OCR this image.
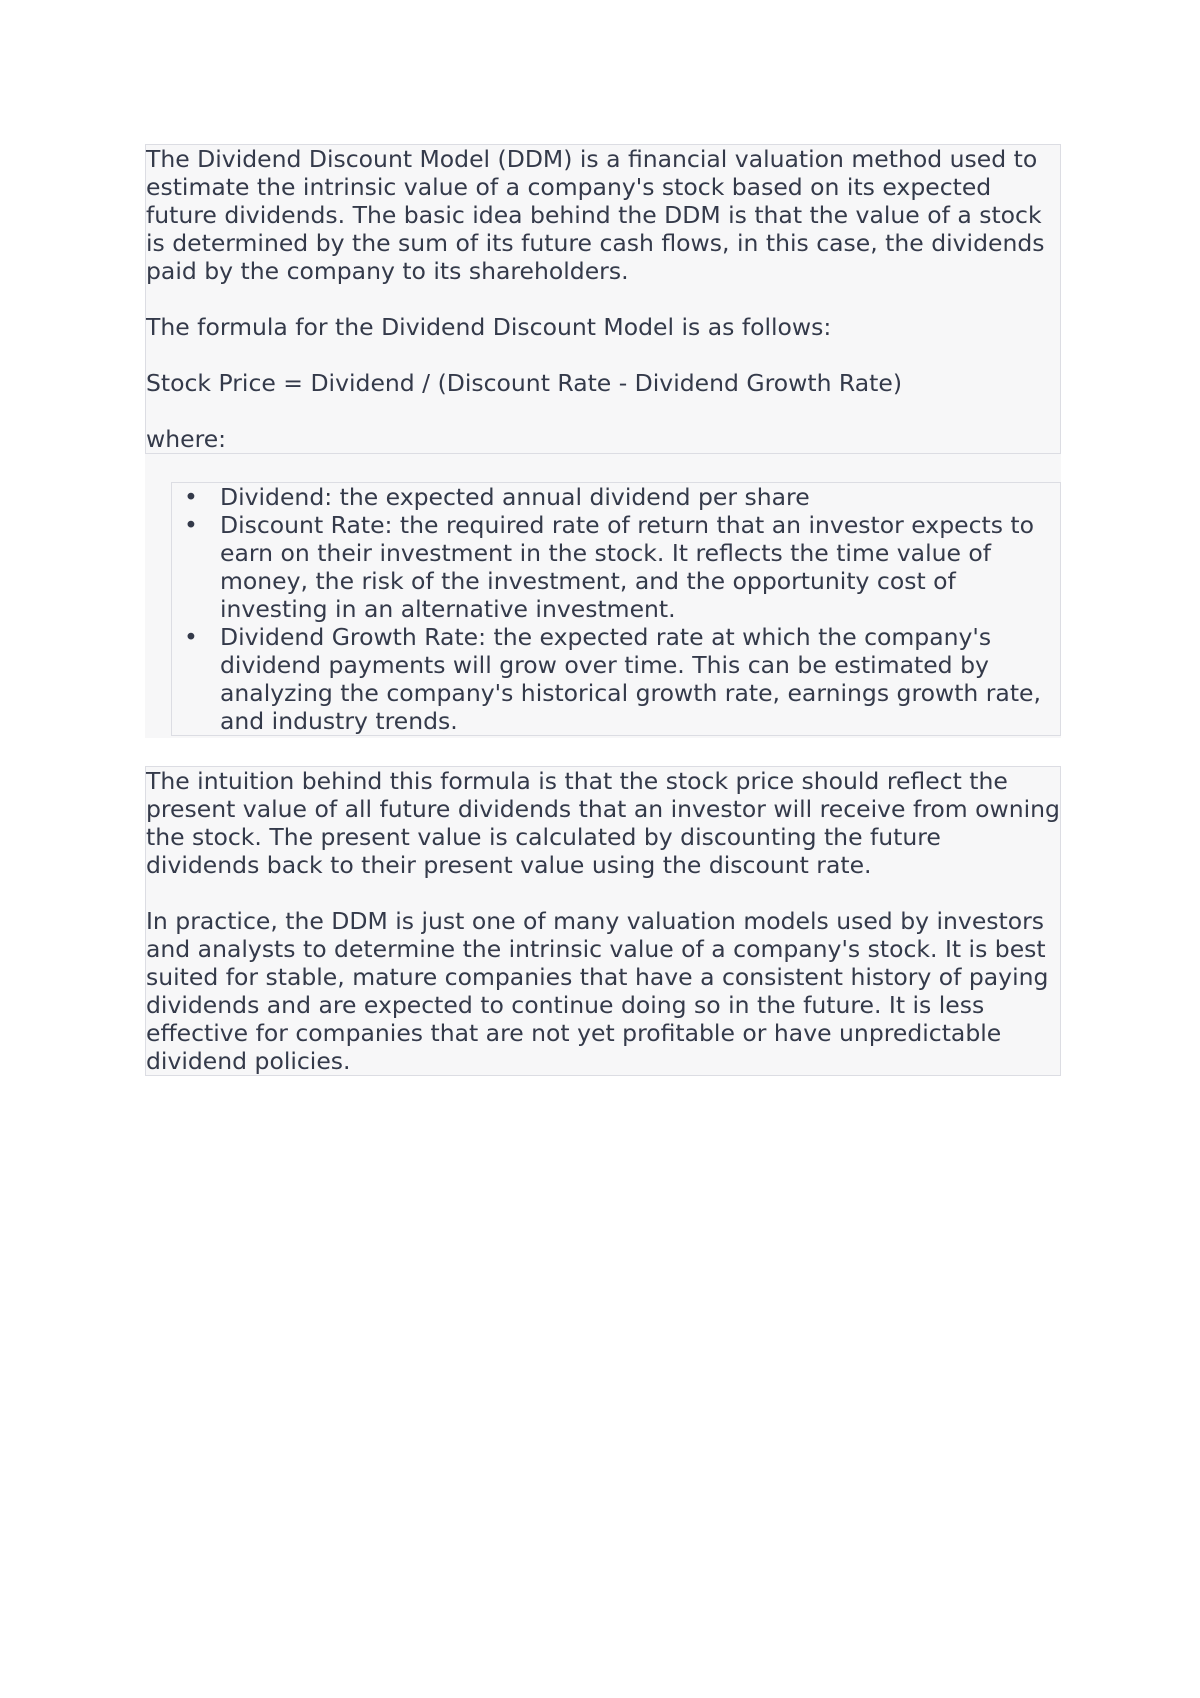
The Dividend Discount Model (DDM) is a financial valuation method used to estimate the intrinsic value of a company's stock based on its expected future dividends. The basic idea behind the DDM is that the value of a stock is determined by the sum of its future cash flows, in this case, the dividends paid by the company to its shareholders.

The formula for the Dividend Discount Model is as follows:

Stock Price = Dividend / (Discount Rate - Dividend Growth Rate)

where:

• Dividend: the expected annual dividend per share
• Discount Rate: the required rate of return that an investor expects to earn on their investment in the stock. It reflects the time value of money, the risk of the investment, and the opportunity cost of investing in an alternative investment.
• Dividend Growth Rate: the expected rate at which the company's dividend payments will grow over time. This can be estimated by analyzing the company's historical growth rate, earnings growth rate, and industry trends.

The intuition behind this formula is that the stock price should reflect the present value of all future dividends that an investor will receive from owning the stock. The present value is calculated by discounting the future dividends back to their present value using the discount rate.

In practice, the DDM is just one of many valuation models used by investors and analysts to determine the intrinsic value of a company's stock. It is best suited for stable, mature companies that have a consistent history of paying dividends and are expected to continue doing so in the future. It is less effective for companies that are not yet profitable or have unpredictable dividend policies.
